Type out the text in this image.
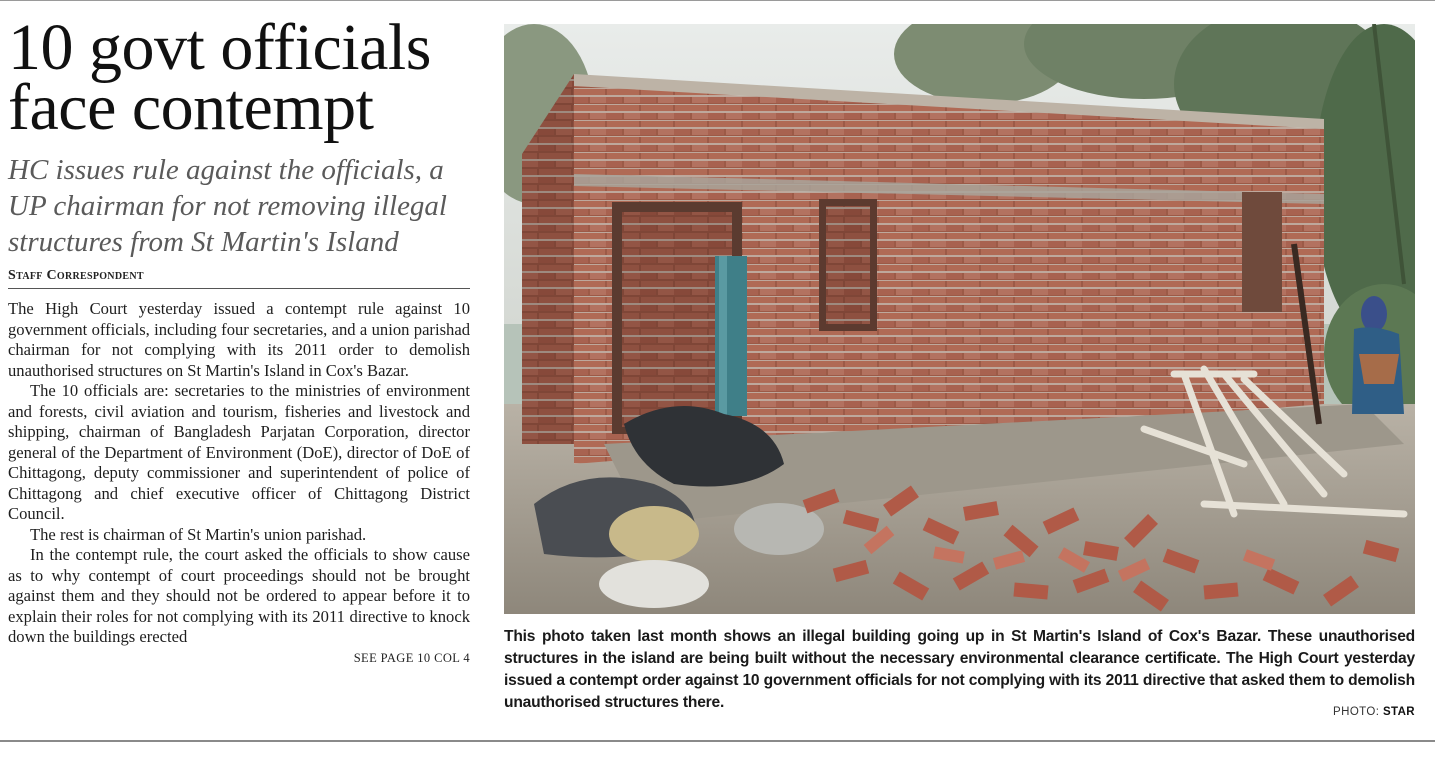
10 govt officials face contempt
HC issues rule against the officials, a UP chairman for not removing illegal structures from St Martin's Island
Staff Correspondent

The High Court yesterday issued a contempt rule against 10 government officials, including four secretaries, and a union parishad chairman for not complying with its 2011 order to demolish unauthorised structures on St Martin's Island in Cox's Bazar.

The 10 officials are: secretaries to the ministries of environment and forests, civil aviation and tourism, fisheries and livestock and shipping, chairman of Bangladesh Parjatan Corporation, director general of the Department of Environment (DoE), director of DoE of Chittagong, deputy commissioner and superintendent of police of Chittagong and chief executive officer of Chittagong District Council.

The rest is chairman of St Martin's union parishad.

In the contempt rule, the court asked the officials to show cause as to why contempt of court proceedings should not be brought against them and they should not be ordered to appear before it to explain their roles for not complying with its 2011 directive to knock down the buildings erected

SEE PAGE 10 COL 4
This photo taken last month shows an illegal building going up in St Martin's Island of Cox's Bazar. These unauthorised structures in the island are being built without the necessary environmental clearance certificate. The High Court yesterday issued a contempt order against 10 government officials for not complying with its 2011 directive that asked them to demolish unauthorised structures there.
PHOTO: STAR
